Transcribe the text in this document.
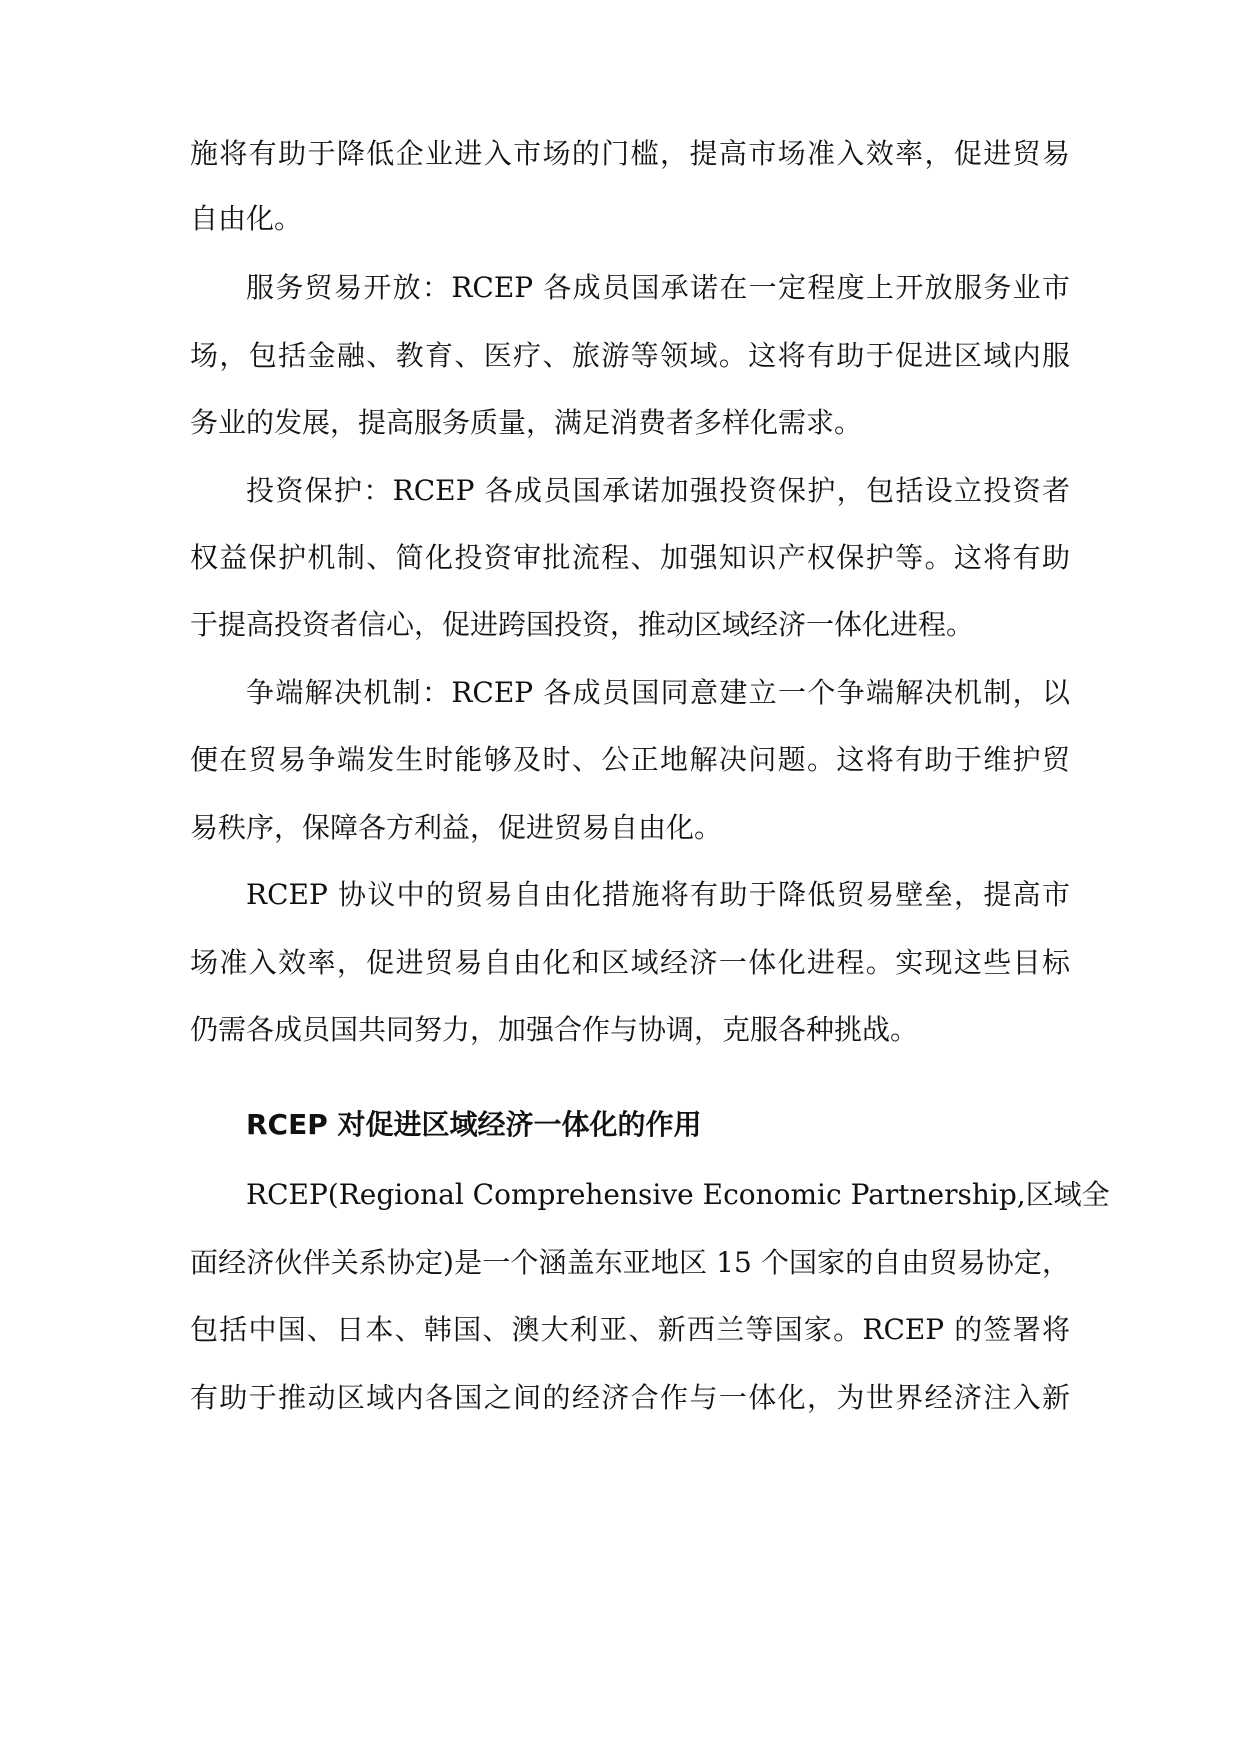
施将有助于降低企业进入市场的门槛，提高市场准入效率，促进贸易
自由化。
服务贸易开放：RCEP 各成员国承诺在一定程度上开放服务业市
场，包括金融、教育、医疗、旅游等领域。这将有助于促进区域内服
务业的发展，提高服务质量，满足消费者多样化需求。
投资保护：RCEP 各成员国承诺加强投资保护，包括设立投资者
权益保护机制、简化投资审批流程、加强知识产权保护等。这将有助
于提高投资者信心，促进跨国投资，推动区域经济一体化进程。
争端解决机制：RCEP 各成员国同意建立一个争端解决机制，以
便在贸易争端发生时能够及时、公正地解决问题。这将有助于维护贸
易秩序，保障各方利益，促进贸易自由化。
RCEP 协议中的贸易自由化措施将有助于降低贸易壁垒，提高市
场准入效率，促进贸易自由化和区域经济一体化进程。实现这些目标
仍需各成员国共同努力，加强合作与协调，克服各种挑战。
RCEP 对促进区域经济一体化的作用
RCEP(Regional Comprehensive Economic Partnership,区域全
面经济伙伴关系协定)是一个涵盖东亚地区 15 个国家的自由贸易协定，
包括中国、日本、韩国、澳大利亚、新西兰等国家。RCEP 的签署将
有助于推动区域内各国之间的经济合作与一体化，为世界经济注入新
